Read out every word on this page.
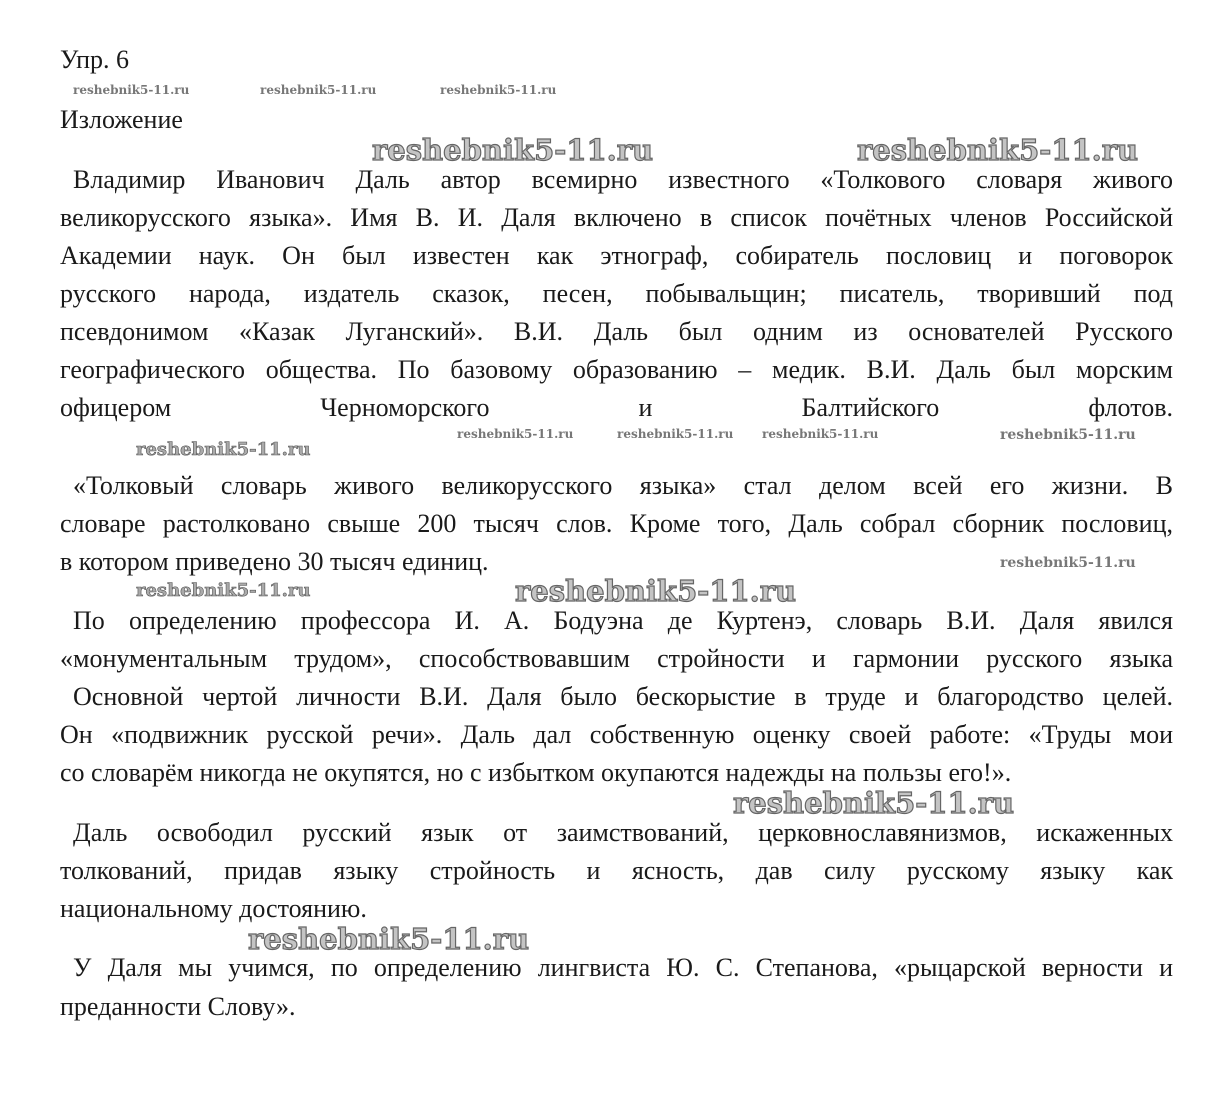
Упр. 6
Изложение
Владимир Иванович Даль автор всемирно известного «Толкового словаря живого
великорусского языка». Имя В. И. Даля включено в список почётных членов Российской
Академии наук. Он был известен как этнограф, собиратель пословиц и поговорок
русского народа, издатель сказок, песен, побывальщин; писатель, творивший под
псевдонимом «Казак Луганский». В.И. Даль был одним из основателей Русского
географического общества. По базовому образованию – медик. В.И. Даль был морским
офицером Черноморского и Балтийского флотов.
«Толковый словарь живого великорусского языка» стал делом всей его жизни. В
словаре растолковано свыше 200 тысяч слов. Кроме того, Даль собрал сборник пословиц,
в котором приведено 30 тысяч единиц.
По определению профессора И. А. Бодуэна де Куртенэ, словарь В.И. Даля явился
«монументальным трудом», способствовавшим стройности и гармонии русского языка
Основной чертой личности В.И. Даля было бескорыстие в труде и благородство целей.
Он «подвижник русской речи». Даль дал собственную оценку своей работе: «Труды мои
со словарём никогда не окупятся, но с избытком окупаются надежды на пользы его!».
Даль освободил русский язык от заимствований, церковнославянизмов, искаженных
толкований, придав языку стройность и ясность, дав силу русскому языку как
национальному достоянию.
У Даля мы учимся, по определению лингвиста Ю. С. Степанова, «рыцарской верности и
преданности Слову».
reshebnik5-11.ru	reshebnik5-11.ru
reshebnik5-11.ru
reshebnik5-11.ru
reshebnik5-11.ru
reshebnik5-11.ru
reshebnik5-11.ru
reshebnik5-11.ru	reshebnik5-11.ru	reshebnik5-11.ru
reshebnik5-11.ru
reshebnik5-11.ru	reshebnik5-11.ru	reshebnik5-11.ru
reshebnik5-11.ru
